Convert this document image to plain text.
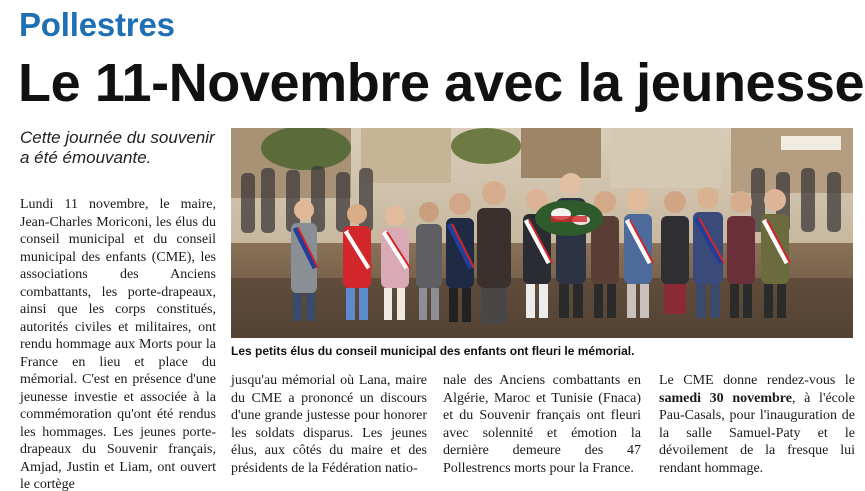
Pollestres
Le 11-Novembre avec la jeunesse
Cette journée du souvenir a été émouvante.
Lundi 11 novembre, le maire, Jean-Charles Moriconi, les élus du conseil municipal et du conseil municipal des enfants (CME), les associations des Anciens combattants, les porte-drapeaux, ainsi que les corps constitués, autorités civiles et militaires, ont rendu hommage aux Morts pour la France en lieu et place du mémorial. C'est en présence d'une jeunesse investie et associée à la commémoration qu'ont été rendus les hommages. Les jeunes porte-drapeaux du Souvenir français, Amjad, Justin et Liam, ont ouvert le cortège
Les petits élus du conseil municipal des enfants ont fleuri le mémorial.
jusqu'au mémorial où Lana, maire du CME a prononcé un discours d'une grande justesse pour honorer les soldats disparus. Les jeunes élus, aux côtés du maire et des présidents de la Fédération natio-
nale des Anciens combattants en Algérie, Maroc et Tunisie (Fnaca) et du Souvenir français ont fleuri avec solennité et émotion la dernière demeure des 47 Pollestrencs morts pour la France.
Le CME donne rendez-vous le samedi 30 novembre, à l'école Pau-Casals, pour l'inauguration de la salle Samuel-Paty et le dévoilement de la fresque lui rendant hommage.
